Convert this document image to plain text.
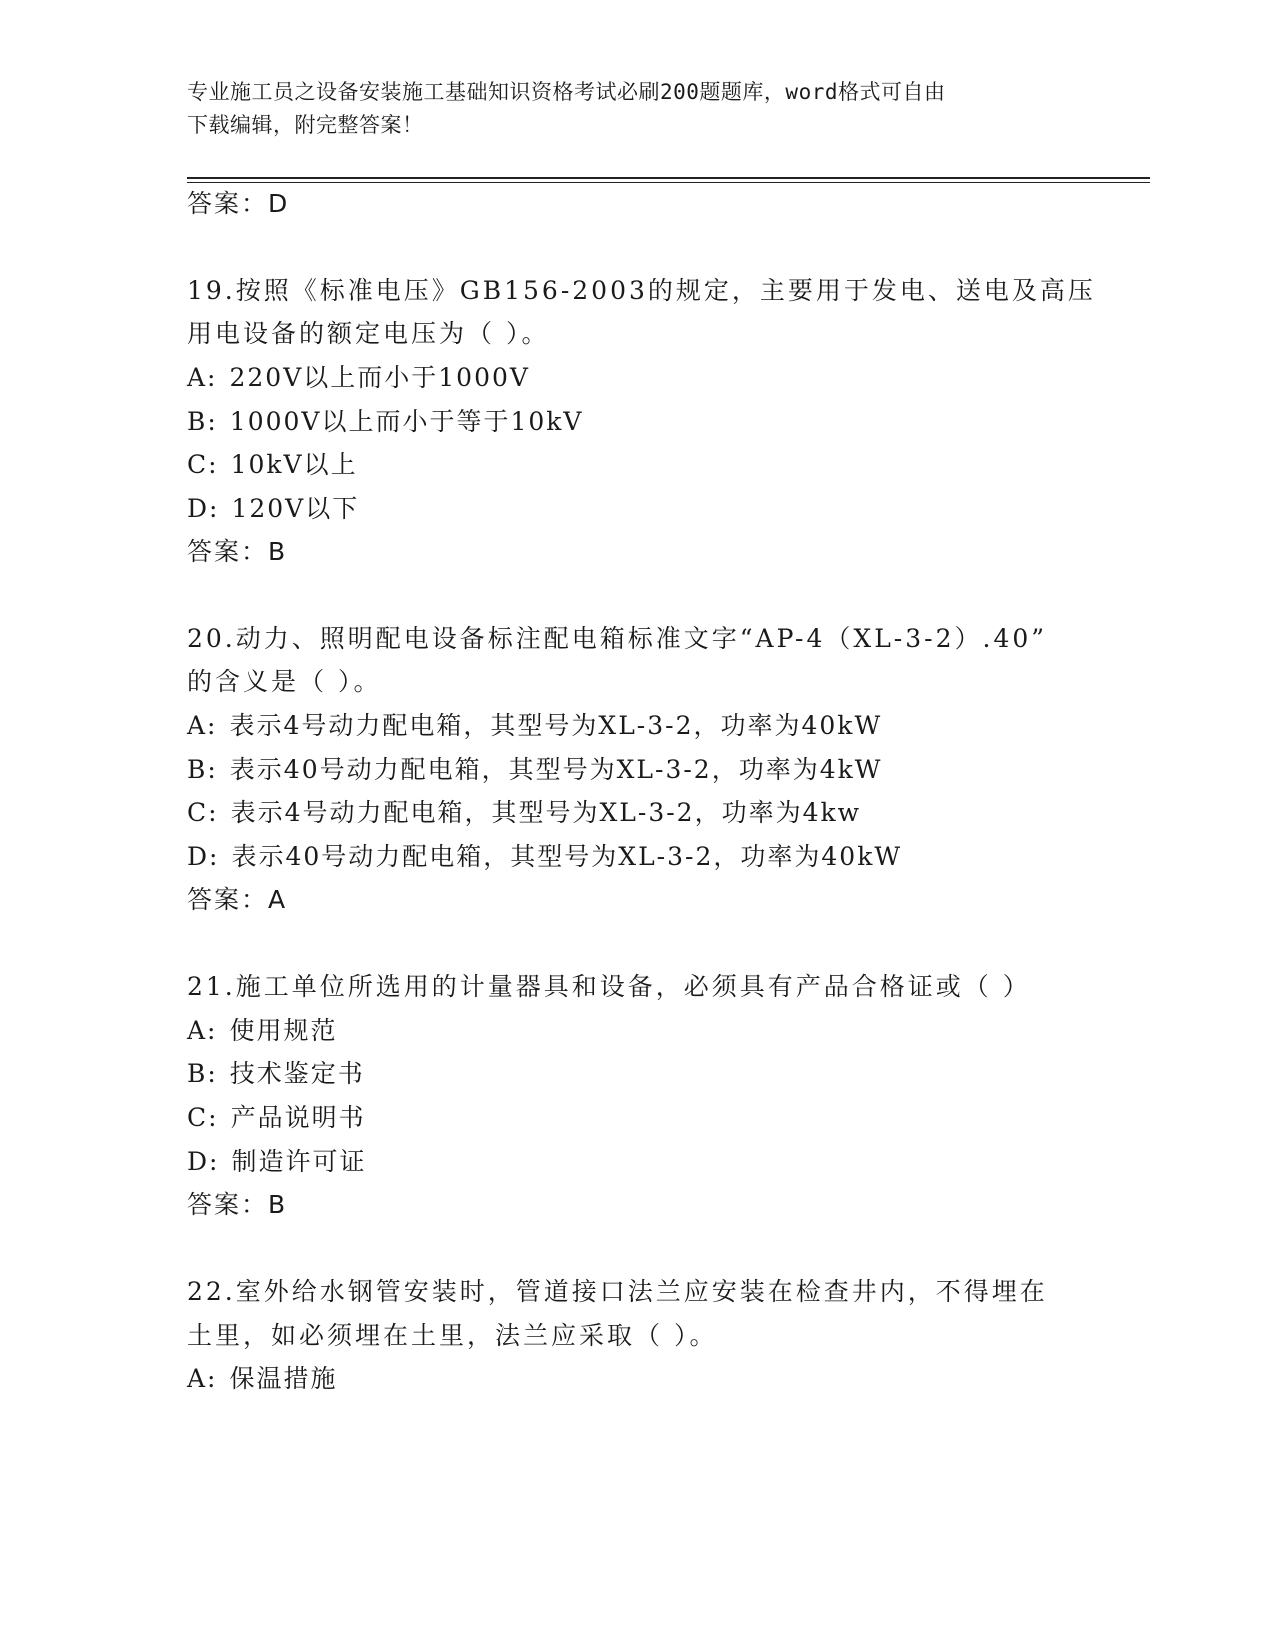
专业施工员之设备安装施工基础知识资格考试必刷200题题库，word格式可自由
下载编辑，附完整答案！
答案：D
19.按照《标准电压》GB156-2003的规定，主要用于发电、送电及高压
用电设备的额定电压为（ ）。
A: 220V以上而小于1000V
B: 1000V以上而小于等于10kV
C: 10kV以上
D: 120V以下
答案：B
20.动力、照明配电设备标注配电箱标准文字“AP-4（XL-3-2）.40”
的含义是（ ）。
A: 表示4号动力配电箱，其型号为XL-3-2，功率为40kW
B: 表示40号动力配电箱，其型号为XL-3-2，功率为4kW
C: 表示4号动力配电箱，其型号为XL-3-2，功率为4kw
D: 表示40号动力配电箱，其型号为XL-3-2，功率为40kW
答案：A
21.施工单位所选用的计量器具和设备，必须具有产品合格证或（ ）
A: 使用规范
B: 技术鉴定书
C: 产品说明书
D: 制造许可证
答案：B
22.室外给水钢管安装时，管道接口法兰应安装在检查井内，不得埋在
土里，如必须埋在土里，法兰应采取（ ）。
A: 保温措施
